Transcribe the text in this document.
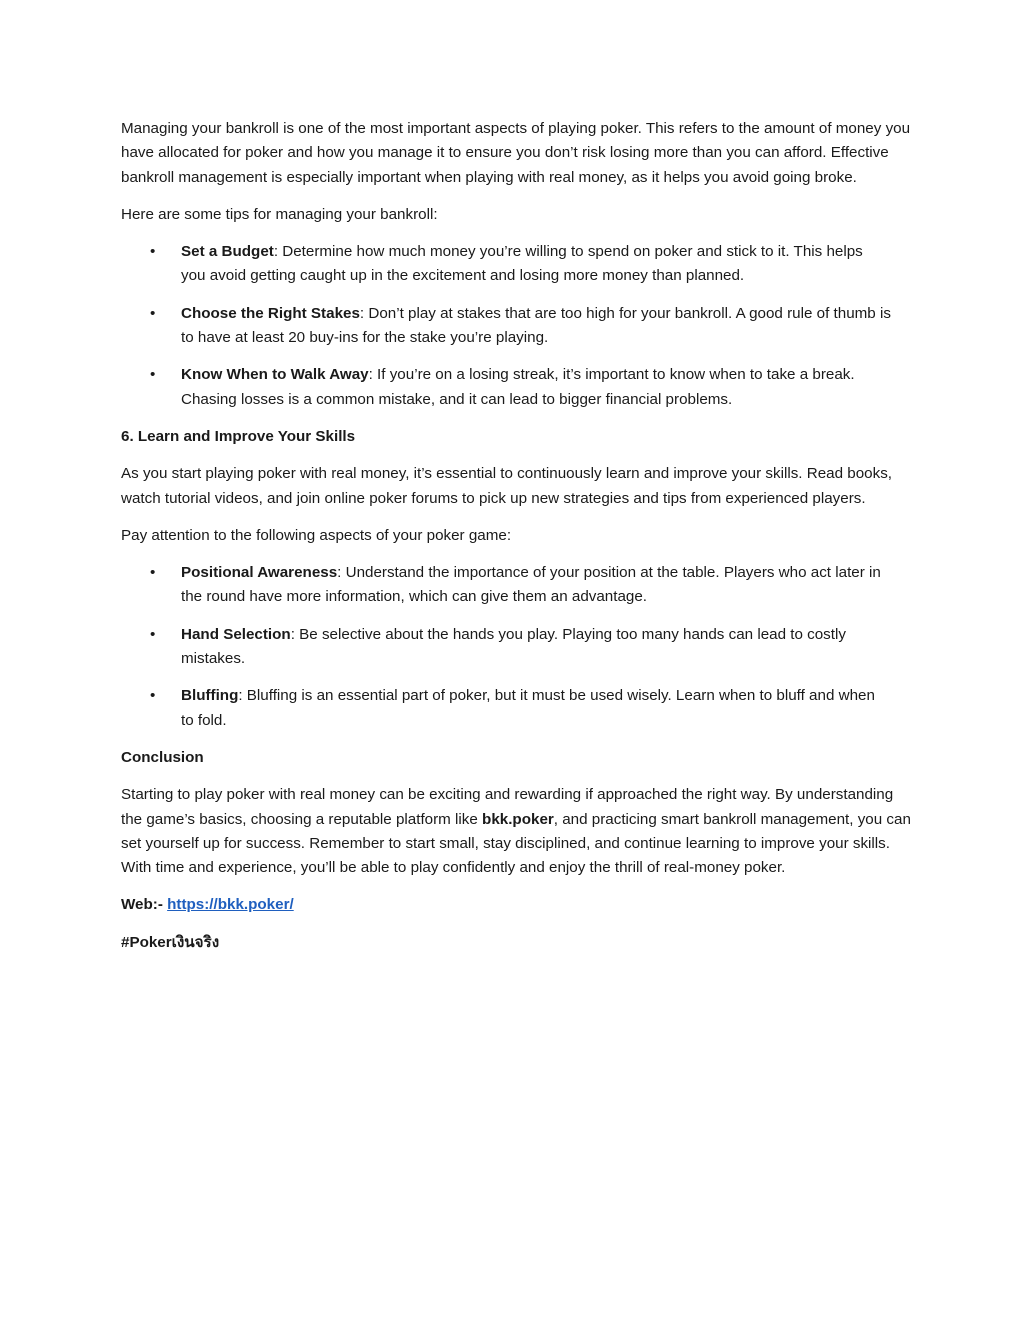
Managing your bankroll is one of the most important aspects of playing poker. This refers to the amount of money you have allocated for poker and how you manage it to ensure you don’t risk losing more than you can afford. Effective bankroll management is especially important when playing with real money, as it helps you avoid going broke.

Here are some tips for managing your bankroll:

• Set a Budget: Determine how much money you’re willing to spend on poker and stick to it. This helps you avoid getting caught up in the excitement and losing more money than planned.
• Choose the Right Stakes: Don’t play at stakes that are too high for your bankroll. A good rule of thumb is to have at least 20 buy-ins for the stake you’re playing.
• Know When to Walk Away: If you’re on a losing streak, it’s important to know when to take a break. Chasing losses is a common mistake, and it can lead to bigger financial problems.
6. Learn and Improve Your Skills

As you start playing poker with real money, it’s essential to continuously learn and improve your skills. Read books, watch tutorial videos, and join online poker forums to pick up new strategies and tips from experienced players.

Pay attention to the following aspects of your poker game:

• Positional Awareness: Understand the importance of your position at the table. Players who act later in the round have more information, which can give them an advantage.
• Hand Selection: Be selective about the hands you play. Playing too many hands can lead to costly mistakes.
• Bluffing: Bluffing is an essential part of poker, but it must be used wisely. Learn when to bluff and when to fold.
Conclusion

Starting to play poker with real money can be exciting and rewarding if approached the right way. By understanding the game’s basics, choosing a reputable platform like bkk.poker, and practicing smart bankroll management, you can set yourself up for success. Remember to start small, stay disciplined, and continue learning to improve your skills. With time and experience, you’ll be able to play confidently and enjoy the thrill of real-money poker.

Web:- https://bkk.poker/
#Pokerเงินจริง
